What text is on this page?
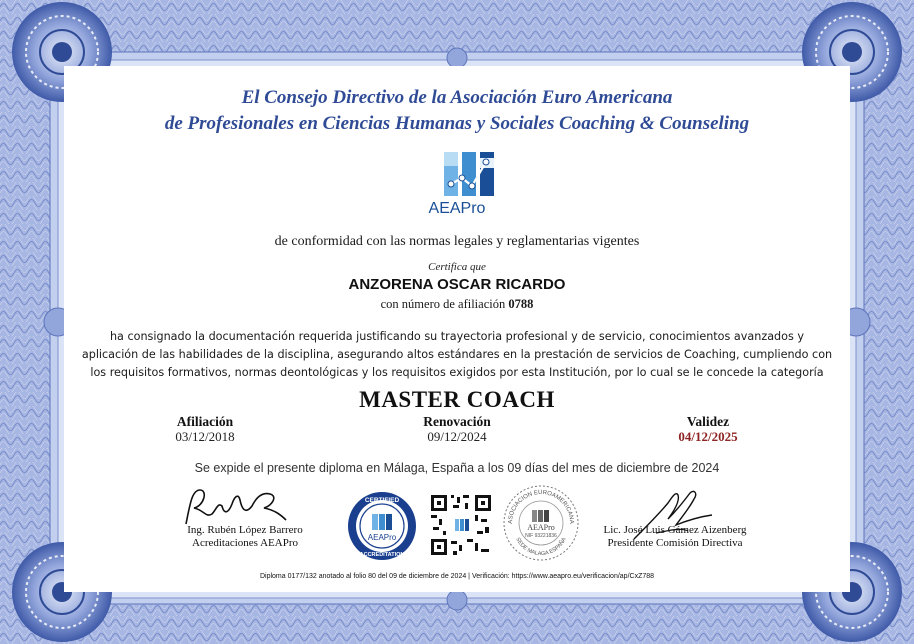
El Consejo Directivo de la Asociación Euro Americana
de Profesionales en Ciencias Humanas y Sociales Coaching & Counseling
AEAPro
de conformidad con las normas legales y reglamentarias vigentes
Certifica que
ANZORENA OSCAR RICARDO
con número de afiliación 0788
ha consignado la documentación requerida justificando su trayectoria profesional y de servicio, conocimientos avanzados y
aplicación de las habilidades de la disciplina, asegurando altos estándares en la prestación de servicios de Coaching, cumpliendo con
los requisitos formativos, normas deontológicas y los requisitos exigidos por esta Institución, por lo cual se le concede la categoría
MASTER COACH
Afiliación
03/12/2018
Renovación
09/12/2024
Validez
04/12/2025
Se expide el presente diploma en Málaga, España a los 09 días del mes de diciembre de 2024
Ing. Rubén López Barrero
Acreditaciones AEAPro	AEAPro
CERTIFIED
ACCREDITATION
ASOCIACION EUROAMERICANA
SEDE MALAGA ESPAÑA
AEAPro
NIF 93221836	Lic. José Luis Gámez Aizenberg
Presidente Comisión Directiva
Diploma 0177/132 anotado al folio 80 del 09 de diciembre de 2024 | Verificación: https://www.aeapro.eu/verificacion/ap/CxZ788
